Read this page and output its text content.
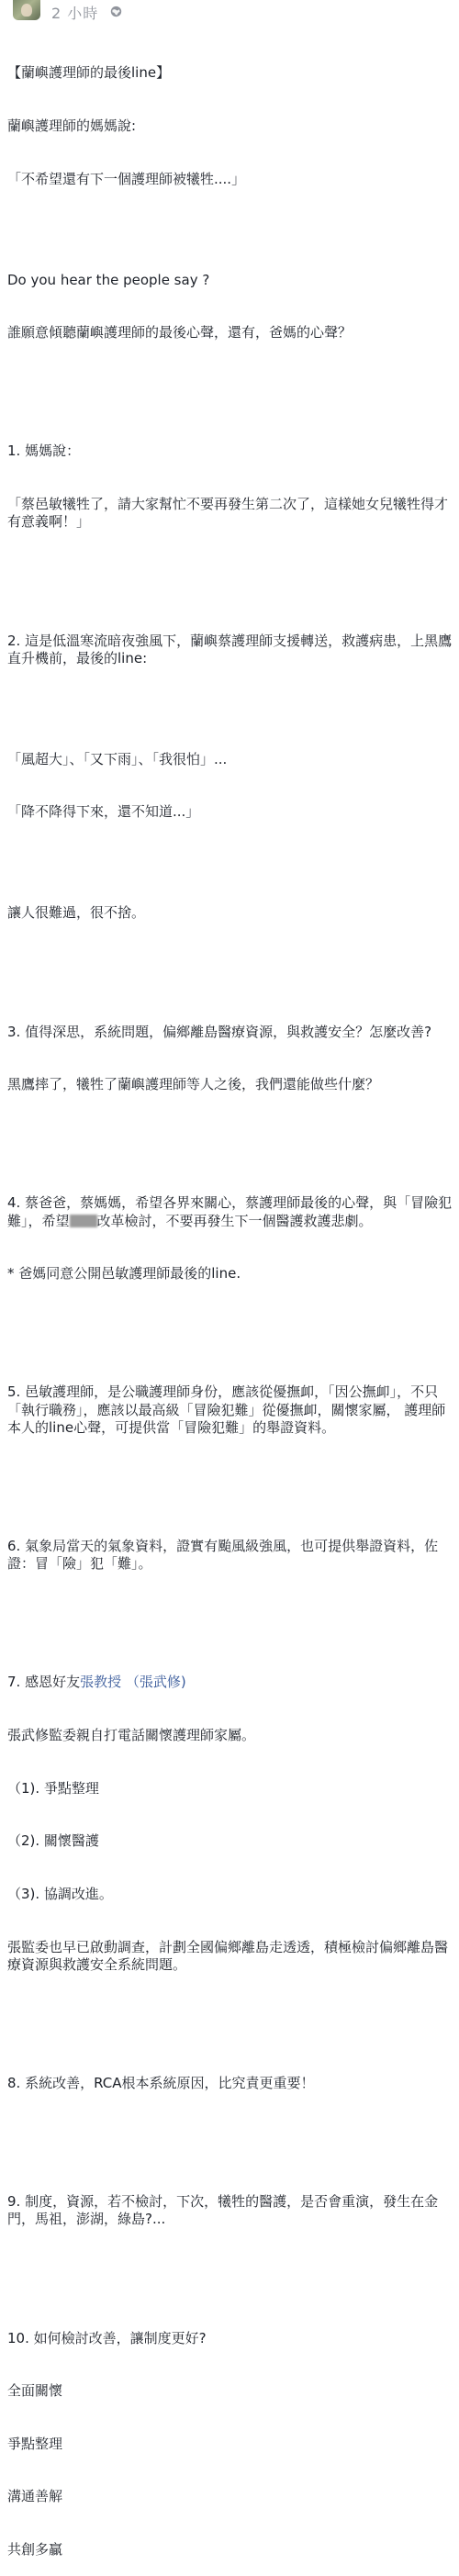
2 小時

【蘭嶼護理師的最後line】

蘭嶼護理師的媽媽說:

「不希望還有下一個護理師被犧牲....」

Do you hear the people say ?

誰願意傾聽蘭嶼護理師的最後心聲，還有，爸媽的心聲？

1. 媽媽說：

「蔡邑敏犧牲了，請大家幫忙不要再發生第二次了，這樣她女兒犧牲得才有意義啊！」

2. 這是低溫寒流暗夜強風下，蘭嶼蔡護理師支援轉送，救護病患，上黑鷹直升機前，最後的line:

「風超大」、「又下雨」、「我很怕」...

「降不降得下來，還不知道...」

讓人很難過，很不捨。

3. 值得深思，系統問題，偏鄉離島醫療資源，與救護安全？怎麼改善?

黑鷹摔了，犧牲了蘭嶼護理師等人之後，我們還能做些什麼？

4. 蔡爸爸，蔡媽媽，希望各界來關心，蔡護理師最後的心聲，與「冒險犯難」，希望 改革檢討，不要再發生下一個醫護救護悲劇。

* 爸媽同意公開邑敏護理師最後的line.

5. 邑敏護理師，是公職護理師身份，應該從優撫卹，「因公撫卹」，不只「執行職務」，應該以最高級「冒險犯難」從優撫卹，關懷家屬， 護理師本人的line心聲，可提供當「冒險犯難」的舉證資料。

6. 氣象局當天的氣象資料，證實有颱風級強風，也可提供舉證資料，佐證：冒「險」犯「難」。

7. 感恩好友張教授 （張武修)

張武修監委親自打電話關懷護理師家屬。

（1). 爭點整理

（2). 關懷醫護

（3). 協調改進。

張監委也早已啟動調查，計劃全國偏鄉離島走透透，積極檢討偏鄉離島醫療資源與救護安全系統問題。

8. 系統改善，RCA根本系統原因，比究責更重要！

9. 制度，資源，若不檢討，下次，犧牲的醫護，是否會重演，發生在金門，馬祖，澎湖，綠島?...

10. 如何檢討改善，讓制度更好?

全面關懷

爭點整理

溝通善解

共創多贏
